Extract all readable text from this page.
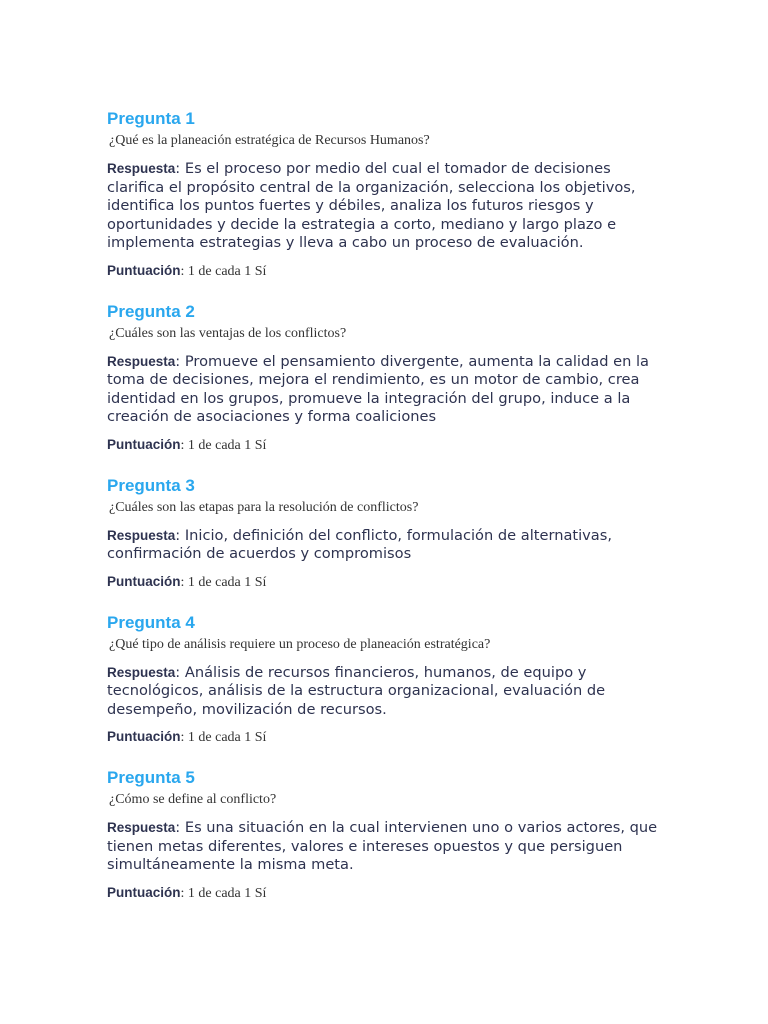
Pregunta 1
¿Qué es la planeación estratégica de Recursos Humanos?
Respuesta: Es el proceso por medio del cual el tomador de decisiones clarifica el propósito central de la organización, selecciona los objetivos, identifica los puntos fuertes y débiles, analiza los futuros riesgos y oportunidades y decide la estrategia a corto, mediano y largo plazo e implementa estrategias y lleva a cabo un proceso de evaluación.
Puntuación: 1 de cada 1 Sí
Pregunta 2
¿Cuáles son las ventajas de los conflictos?
Respuesta: Promueve el pensamiento divergente, aumenta la calidad en la toma de decisiones, mejora el rendimiento, es un motor de cambio, crea identidad en los grupos, promueve la integración del grupo, induce a la creación de asociaciones y forma coaliciones
Puntuación: 1 de cada 1 Sí
Pregunta 3
¿Cuáles son las etapas para la resolución de conflictos?
Respuesta: Inicio, definición del conflicto, formulación de alternativas, confirmación de acuerdos y compromisos
Puntuación: 1 de cada 1 Sí
Pregunta 4
¿Qué tipo de análisis requiere un proceso de planeación estratégica?
Respuesta: Análisis de recursos financieros, humanos, de equipo y tecnológicos, análisis de la estructura organizacional, evaluación de desempeño, movilización de recursos.
Puntuación: 1 de cada 1 Sí
Pregunta 5
¿Cómo se define al conflicto?
Respuesta: Es una situación en la cual intervienen uno o varios actores, que tienen metas diferentes, valores e intereses opuestos y que persiguen simultáneamente la misma meta.
Puntuación: 1 de cada 1 Sí
